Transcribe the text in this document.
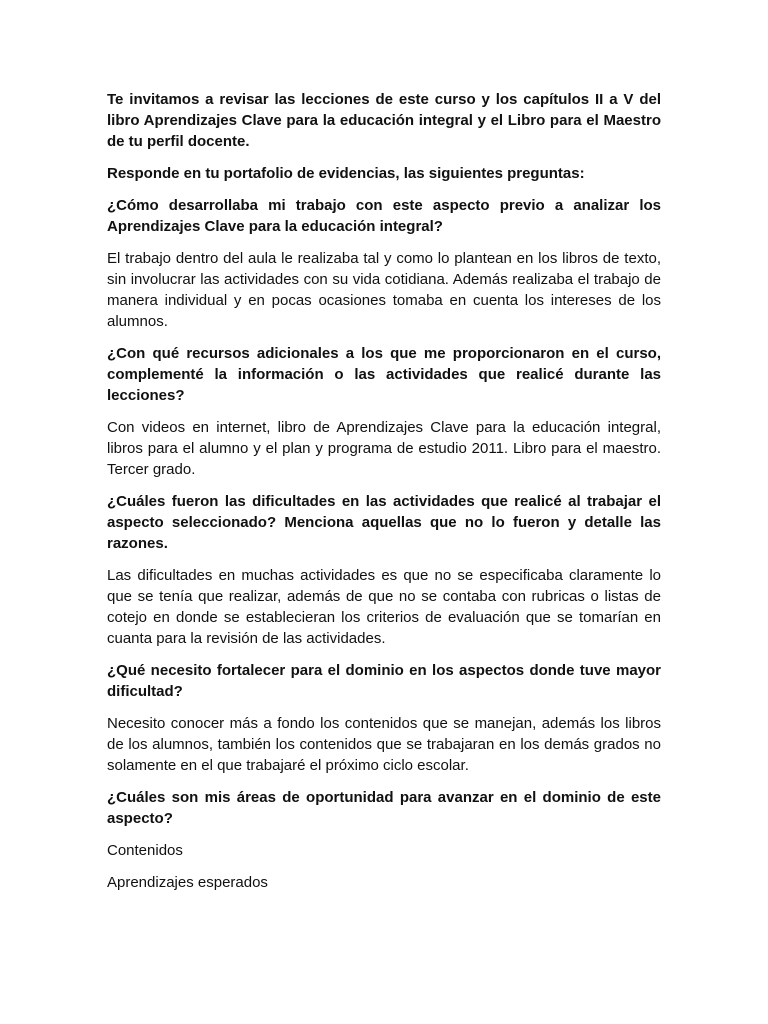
Te invitamos a revisar las lecciones de este curso y los capítulos II a V del libro Aprendizajes Clave para la educación integral y el Libro para el Maestro de tu perfil docente.

Responde en tu portafolio de evidencias, las siguientes preguntas:

¿Cómo desarrollaba mi trabajo con este aspecto previo a analizar los Aprendizajes Clave para la educación integral?

El trabajo dentro del aula le realizaba tal y como lo plantean en los libros de texto, sin involucrar las actividades con su vida cotidiana. Además realizaba el trabajo de manera individual y en pocas ocasiones tomaba en cuenta los intereses de los alumnos.

¿Con qué recursos adicionales a los que me proporcionaron en el curso, complementé la información o las actividades que realicé durante las lecciones?

Con videos en internet, libro de Aprendizajes Clave para la educación integral, libros para el alumno y el plan y programa de estudio 2011. Libro para el maestro. Tercer grado.

¿Cuáles fueron las dificultades en las actividades que realicé al trabajar el aspecto seleccionado? Menciona aquellas que no lo fueron y detalle las razones.

Las dificultades en muchas actividades es que no se especificaba claramente lo que se tenía que realizar, además de que no se contaba con rubricas o listas de cotejo en donde se establecieran los criterios de evaluación que se tomarían en cuanta para la revisión de las actividades.

¿Qué necesito fortalecer para el dominio en los aspectos donde tuve mayor dificultad?

Necesito conocer más a fondo los contenidos que se manejan, además los libros de los alumnos, también los contenidos que se trabajaran en los demás grados no solamente en el que trabajaré el próximo ciclo escolar.

¿Cuáles son mis áreas de oportunidad para avanzar en el dominio de este aspecto?

Contenidos

Aprendizajes esperados
